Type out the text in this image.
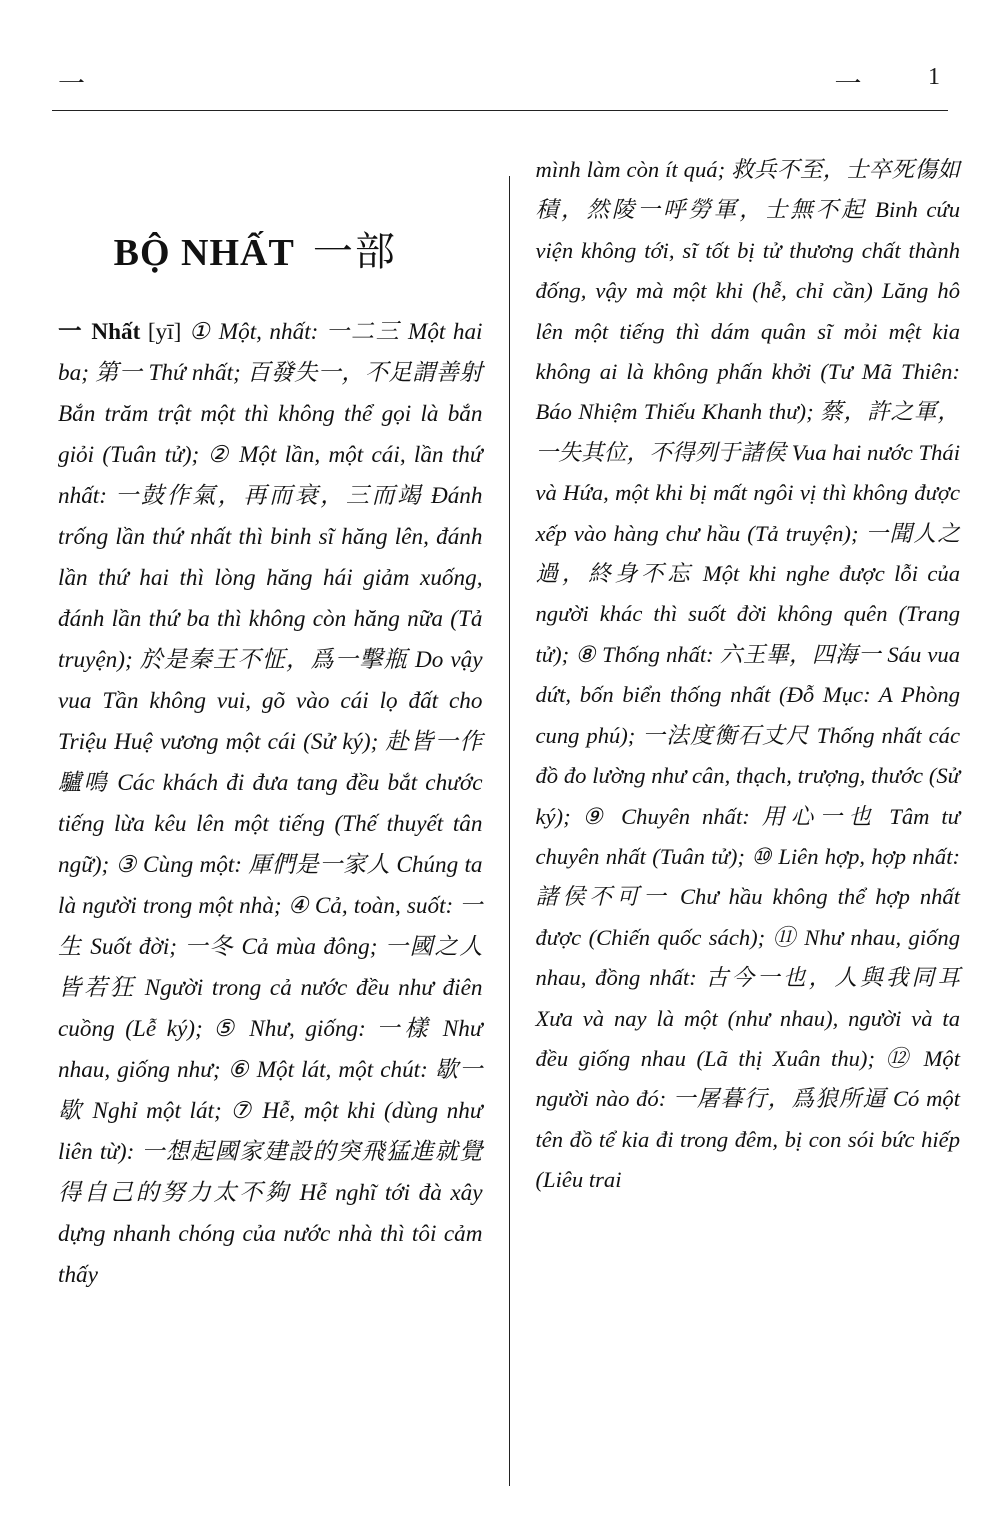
一	一	1
BỘ NHẤT 一部
一 Nhất [yī] ① Một, nhất: 一二三 Một hai ba; 第一 Thứ nhất; 百發失一，不足謂善射 Bắn trăm trật một thì không thể gọi là bắn giỏi (Tuân tử); ② Một lần, một cái, lần thứ nhất: 一鼓作氣，再而衰，三而竭 Đánh trống lần thứ nhất thì binh sĩ hăng lên, đánh lần thứ hai thì lòng hăng hái giảm xuống, đánh lần thứ ba thì không còn hăng nữa (Tả truyện); 於是秦王不怔，爲一擊瓶 Do vậy vua Tần không vui, gõ vào cái lọ đất cho Triệu Huệ vương một cái (Sử ký); 赴皆一作驢鳴 Các khách đi đưa tang đều bắt chước tiếng lừa kêu lên một tiếng (Thế thuyết tân ngữ); ③ Cùng một: 厙們是一家人 Chúng ta là người trong một nhà; ④ Cả, toàn, suốt: 一生 Suốt đời; 一冬 Cả mùa đông; 一國之人皆若狂 Người trong cả nước đều như điên cuồng (Lễ ký); ⑤ Như, giống: 一樣 Như nhau, giống như; ⑥ Một lát, một chút: 歇一歇 Nghỉ một lát; ⑦ Hễ, một khi (dùng như liên từ): 一想起國家建設的突飛猛進就覺得自己的努力太不夠 Hễ nghĩ tới đà xây dựng nhanh chóng của nước nhà thì tôi cảm thấy
mình làm còn ít quá; 救兵不至，士卒死傷如積，然陵一呼勞軍，士無不起 Binh cứu viện không tới, sĩ tốt bị tử thương chất thành đống, vậy mà một khi (hễ, chỉ cần) Lăng hô lên một tiếng thì dám quân sĩ mỏi mệt kia không ai là không phấn khởi (Tư Mã Thiên: Báo Nhiệm Thiếu Khanh thư); 蔡，許之軍，一失其位，不得列于諸侯 Vua hai nước Thái và Hứa, một khi bị mất ngôi vị thì không được xếp vào hàng chư hầu (Tả truyện); 一聞人之過，終身不忘 Một khi nghe được lỗi của người khác thì suốt đời không quên (Trang tử); ⑧ Thống nhất: 六王畢，四海一 Sáu vua dứt, bốn biển thống nhất (Đỗ Mục: A Phòng cung phú); 一法度衡石丈尺 Thống nhất các đồ đo lường như cân, thạch, trượng, thước (Sử ký); ⑨ Chuyên nhất: 用心一也 Tâm tư chuyên nhất (Tuân tử); ⑩ Liên hợp, hợp nhất: 諸侯不可一 Chư hầu không thể hợp nhất được (Chiến quốc sách); ⑪ Như nhau, giống nhau, đồng nhất: 古今一也，人與我同耳 Xưa và nay là một (như nhau), người và ta đều giống nhau (Lã thị Xuân thu); ⑫ Một người nào đó: 一屠暮行，爲狼所逼 Có một tên đồ tể kia đi trong đêm, bị con sói bức hiếp (Liêu trai
